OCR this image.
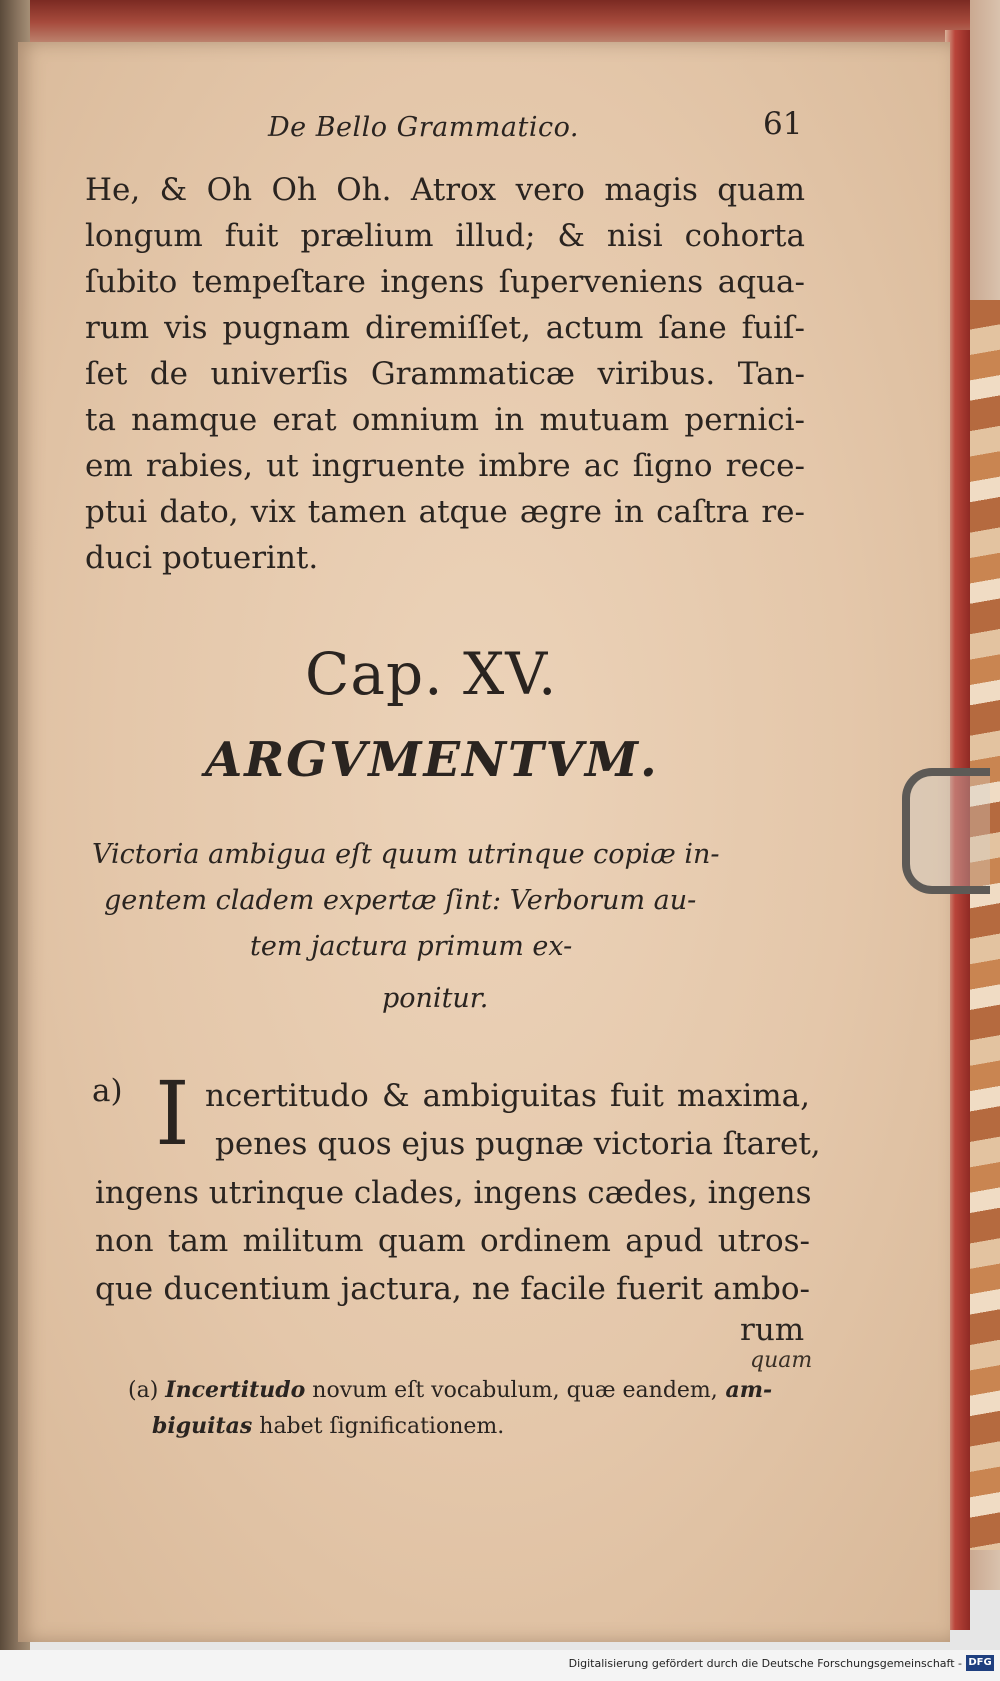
De Bello Grammatico.	61
He, & Oh Oh Oh. Atrox vero magis quam
longum fuit prælium illud; & nisi cohorta
ſubito tempeſtare ingens ſuperveniens aqua-
rum vis pugnam diremiſſet, actum ſane fuiſ-
ſet de univerſis Grammaticæ viribus. Tan-
ta namque erat omnium in mutuam pernici-
em rabies, ut ingruente imbre ac ſigno rece-
ptui dato, vix tamen atque ægre in caſtra re-
duci potuerint.
Cap. XV.
ARGVMENTVM.
Victoria ambigua eſt quum utrinque copiæ in-
gentem cladem expertæ ſint: Verborum au-
tem jactura primum ex-
ponitur.
a) I ncertitudo & ambiguitas fuit maxima,
penes quos ejus pugnæ victoria ſtaret,
ingens utrinque clades, ingens cædes, ingens
non tam militum quam ordinem apud utros-
que ducentium jactura, ne facile fuerit ambo-
rum
quam
(a) Incertitudo novum eſt vocabulum, quæ eandem, am-
biguitas habet ſignificationem.
Digitalisierung gefördert durch die Deutsche Forschungsgemeinschaft - DFG
